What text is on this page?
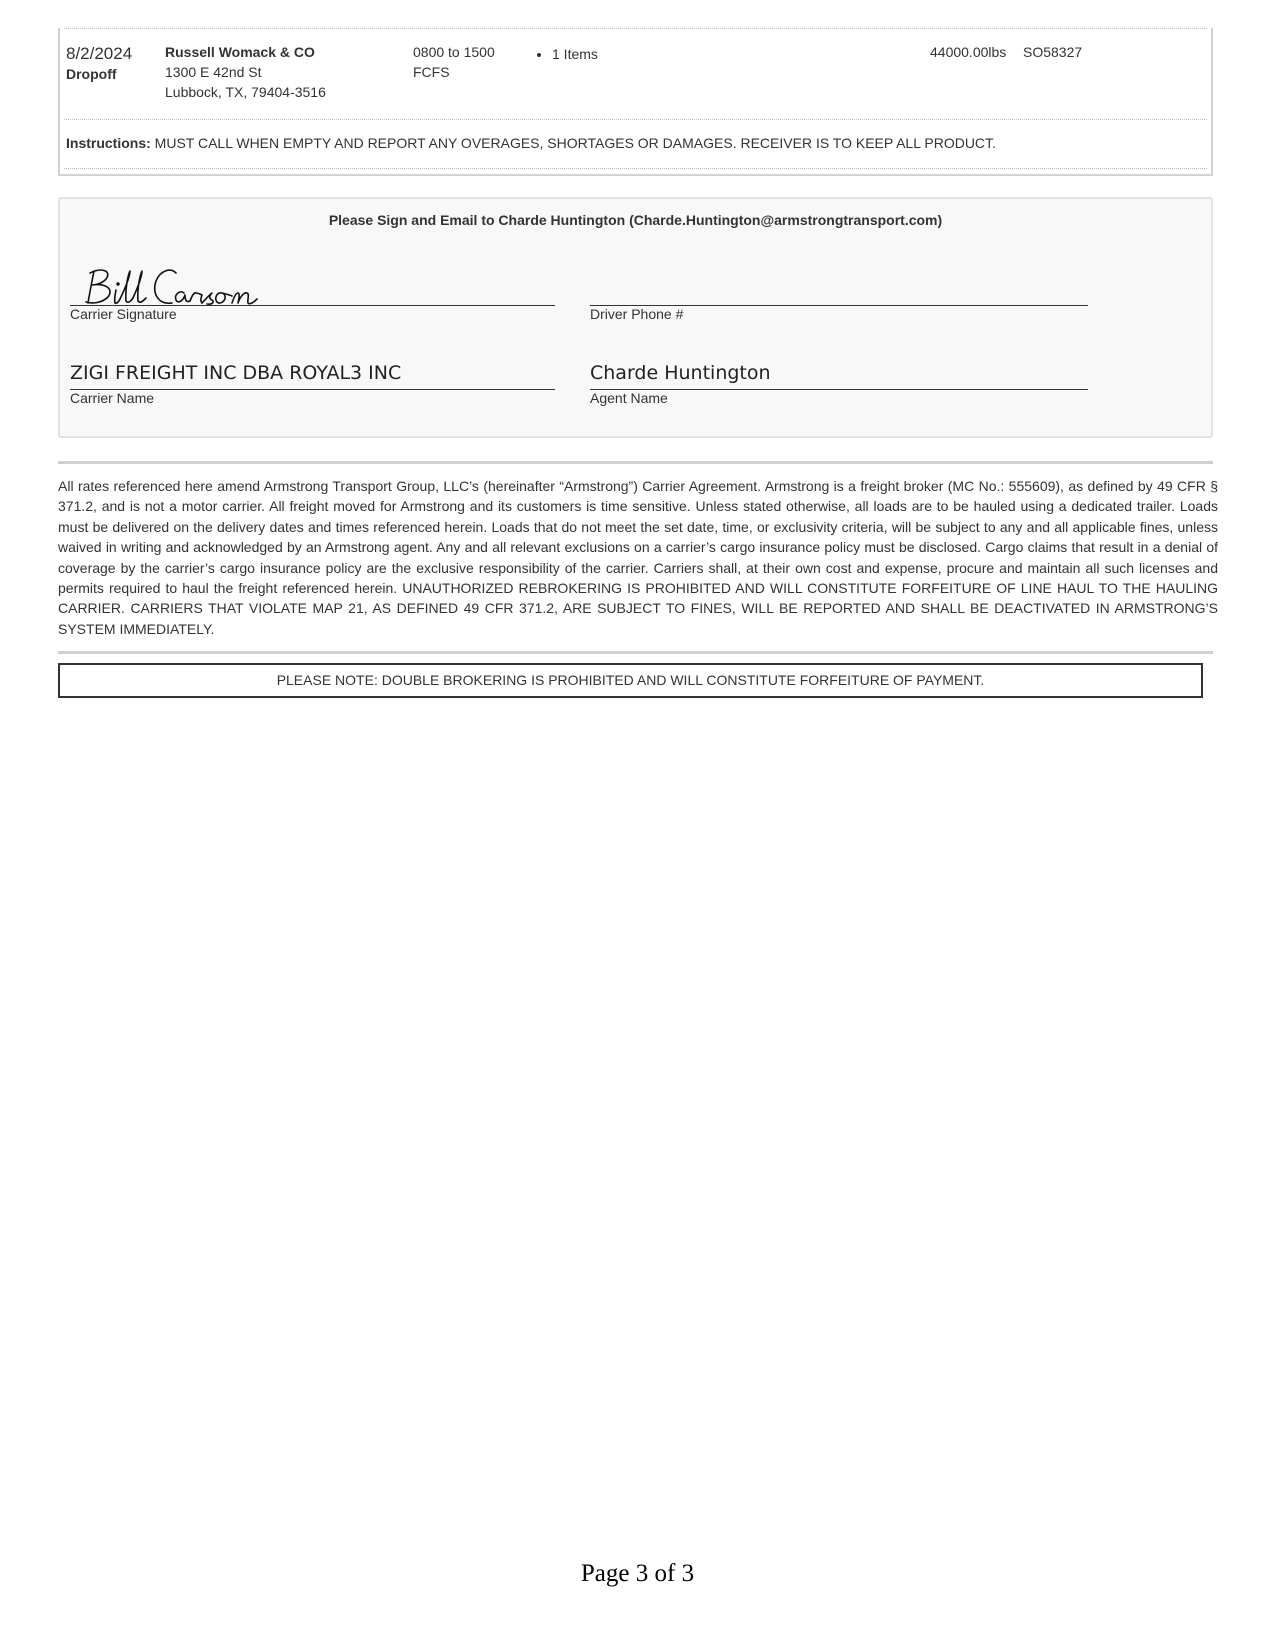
8/2/2024
Dropoff
Russell Womack & CO
1300 E 42nd St
Lubbock, TX, 79404-3516
0800 to 1500
FCFS
• 1 Items	44000.00lbs SO58327
Instructions: MUST CALL WHEN EMPTY AND REPORT ANY OVERAGES, SHORTAGES OR DAMAGES. RECEIVER IS TO KEEP ALL PRODUCT.
Please Sign and Email to Charde Huntington (Charde.Huntington@armstrongtransport.com)
Carrier Signature	Driver Phone #
ZIGI FREIGHT INC DBA ROYAL3 INC
Carrier Name
Charde Huntington
Agent Name
All rates referenced here amend Armstrong Transport Group, LLC’s (hereinafter “Armstrong”) Carrier Agreement. Armstrong is a freight broker (MC No.: 555609), as defined by 49 CFR § 371.2, and is not a motor carrier. All freight moved for Armstrong and its customers is time sensitive. Unless stated otherwise, all loads are to be hauled using a dedicated trailer. Loads must be delivered on the delivery dates and times referenced herein. Loads that do not meet the set date, time, or exclusivity criteria, will be subject to any and all applicable fines, unless waived in writing and acknowledged by an Armstrong agent. Any and all relevant exclusions on a carrier’s cargo insurance policy must be disclosed. Cargo claims that result in a denial of coverage by the carrier’s cargo insurance policy are the exclusive responsibility of the carrier. Carriers shall, at their own cost and expense, procure and maintain all such licenses and permits required to haul the freight referenced herein. UNAUTHORIZED REBROKERING IS PROHIBITED AND WILL CONSTITUTE FORFEITURE OF LINE HAUL TO THE HAULING CARRIER. CARRIERS THAT VIOLATE MAP 21, AS DEFINED 49 CFR 371.2, ARE SUBJECT TO FINES, WILL BE REPORTED AND SHALL BE DEACTIVATED IN ARMSTRONG’S SYSTEM IMMEDIATELY.
PLEASE NOTE: DOUBLE BROKERING IS PROHIBITED AND WILL CONSTITUTE FORFEITURE OF PAYMENT.
Page 3 of 3
